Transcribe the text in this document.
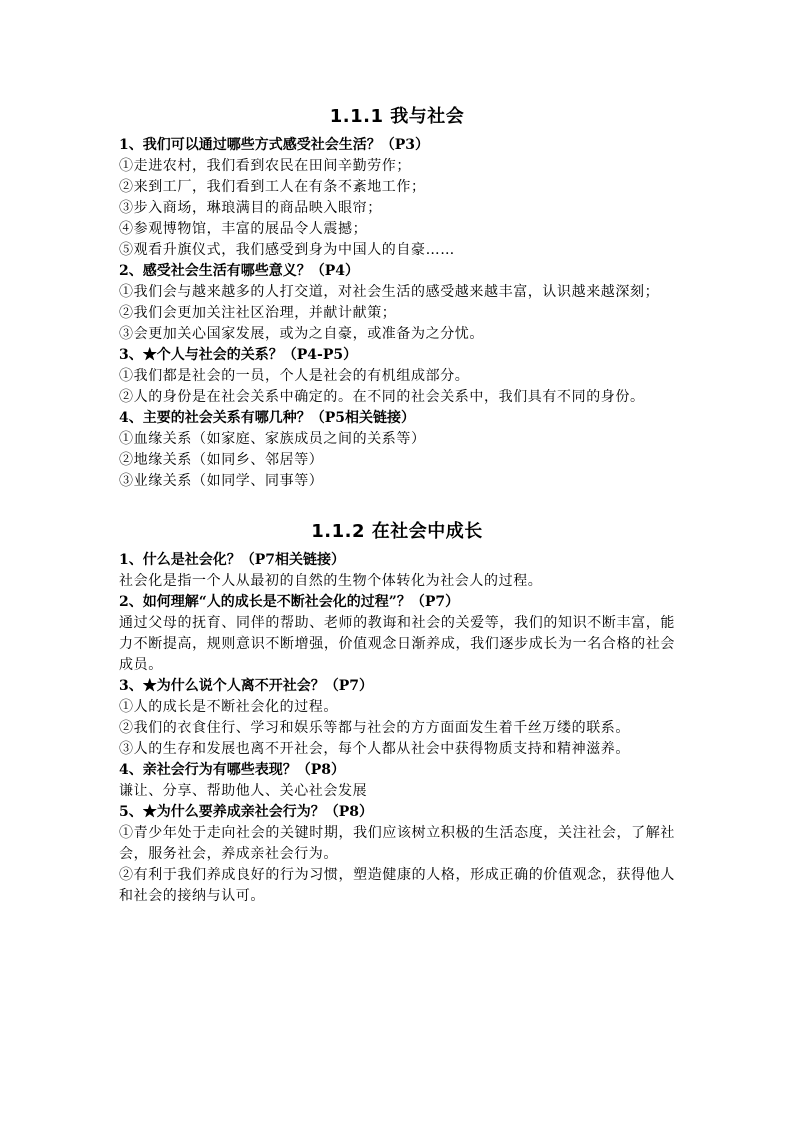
1.1.1 我与社会

1、我们可以通过哪些方式感受社会生活？（P3）

①走进农村，我们看到农民在田间辛勤劳作；

②来到工厂，我们看到工人在有条不紊地工作；

③步入商场，琳琅满目的商品映入眼帘；

④参观博物馆，丰富的展品令人震撼；

⑤观看升旗仪式，我们感受到身为中国人的自豪……

2、感受社会生活有哪些意义？（P4）

①我们会与越来越多的人打交道，对社会生活的感受越来越丰富，认识越来越深刻；

②我们会更加关注社区治理，并献计献策；

③会更加关心国家发展，或为之自豪，或准备为之分忧。

3、★个人与社会的关系？（P4-P5）

①我们都是社会的一员，个人是社会的有机组成部分。

②人的身份是在社会关系中确定的。在不同的社会关系中，我们具有不同的身份。

4、主要的社会关系有哪几种？（P5相关链接）

①血缘关系（如家庭、家族成员之间的关系等）

②地缘关系（如同乡、邻居等）

③业缘关系（如同学、同事等）

1.1.2 在社会中成长

1、什么是社会化？（P7相关链接）

社会化是指一个人从最初的自然的生物个体转化为社会人的过程。

2、如何理解“人的成长是不断社会化的过程”？（P7）

通过父母的抚育、同伴的帮助、老师的教诲和社会的关爱等，我们的知识不断丰富，能力不断提高，规则意识不断增强，价值观念日渐养成，我们逐步成长为一名合格的社会成员。

3、★为什么说个人离不开社会？（P7）

①人的成长是不断社会化的过程。

②我们的衣食住行、学习和娱乐等都与社会的方方面面发生着千丝万缕的联系。

③人的生存和发展也离不开社会，每个人都从社会中获得物质支持和精神滋养。

4、亲社会行为有哪些表现？（P8）

谦让、分享、帮助他人、关心社会发展

5、★为什么要养成亲社会行为？（P8）

①青少年处于走向社会的关键时期，我们应该树立积极的生活态度，关注社会，了解社会，服务社会，养成亲社会行为。

②有利于我们养成良好的行为习惯，塑造健康的人格，形成正确的价值观念，获得他人和社会的接纳与认可。
